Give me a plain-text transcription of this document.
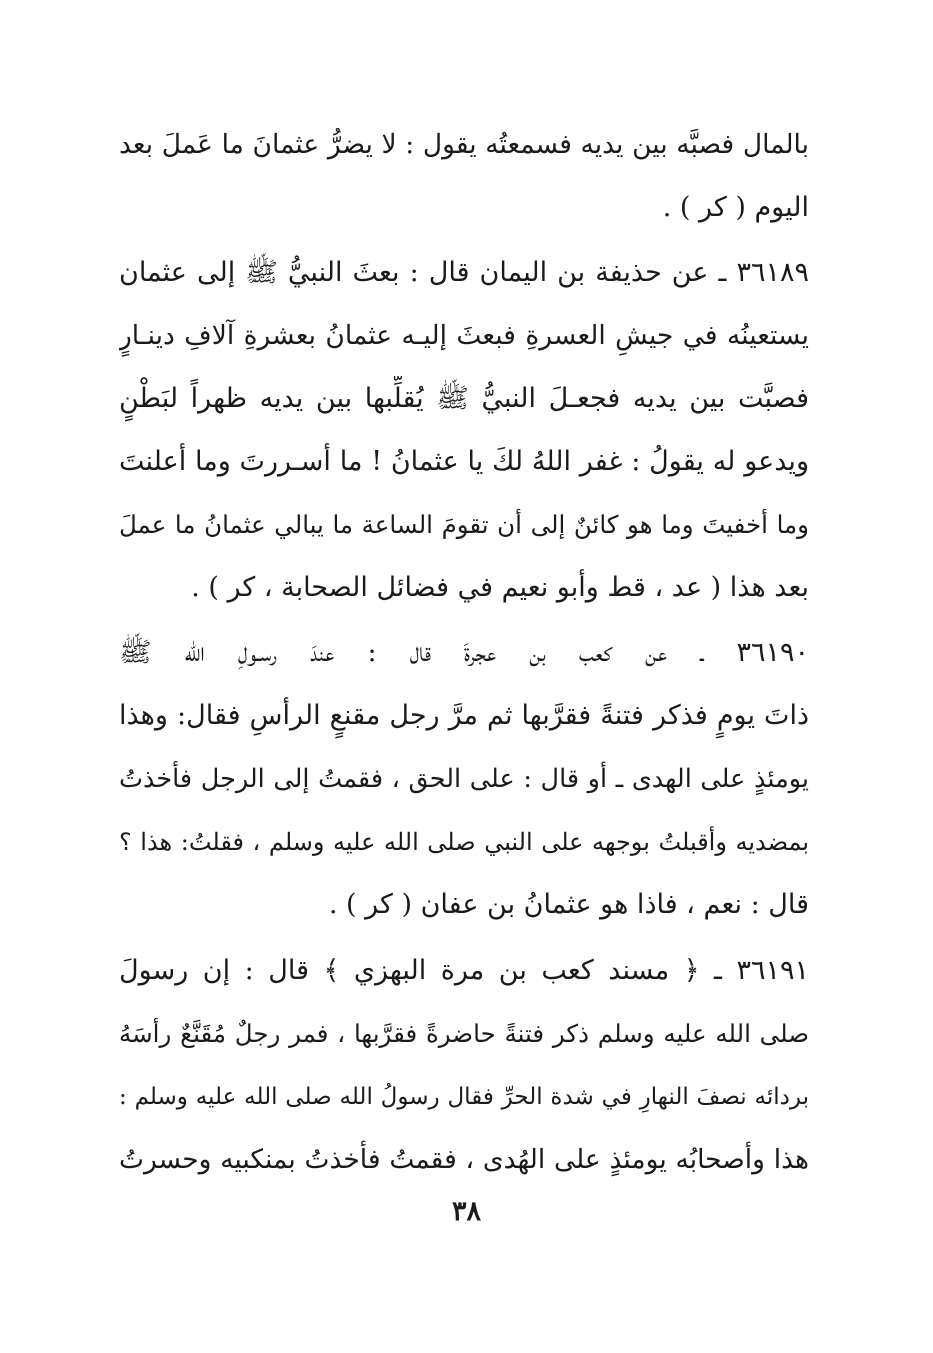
بالمال فصبَّه بين يديه فسمعتُه يقول : لا يضرُّ عثمانَ ما عَملَ بعد
اليوم ( كر ) .
٣٦١٨٩ ـ عن حذيفة بن اليمان قال : بعثَ النبيُّ ﷺ إلى عثمان
يستعينُه في جيشِ العسرةِ فبعثَ إليـه عثمانُ بعشرةِ آلافِ دينـارٍ
فصبَّت بين يديه فجعـلَ النبيُّ ﷺ يُقلِّبها بين يديه ظهراً لبَطْنٍ
ويدعو له يقولُ : غفر اللهُ لكَ يا عثمانُ ! ما أسـررتَ وما أعلنتَ
وما أخفيتَ وما هو كائنٌ إلى أن تقومَ الساعة ما يبالي عثمانُ ما عملَ
بعد هذا ( عد ، قط وأبو نعيم في فضائل الصحابة ، كر ) .
٣٦١٩٠ ـ عن كعب بن عجرةَ قال : عندَ رسـولِ الله ﷺ
ذاتَ يومٍ فذكر فتنةً فقرَّبها ثم مرَّ رجل مقنعٍ الرأسِ فقال: وهذا
يومئذٍ على الهدى ـ أو قال : على الحق ، فقمتُ إلى الرجل فأخذتُ
بمضديه وأقبلتُ بوجهه على النبي صلى الله عليه وسلم ، فقلتُ: هذا ؟
قال : نعم ، فاذا هو عثمانُ بن عفان ( كر ) .
٣٦١٩١ ـ ﴿ مسند كعب بن مرة البهزي ﴾ قال : إن رسولَ
صلى الله عليه وسلم ذكر فتنةً حاضرةً فقرَّبها ، فمر رجلٌ مُقَنَّعٌ رأسَهُ
بردائه نصفَ النهارِ في شدة الحرِّ فقال رسولُ الله صلى الله عليه وسلم :
هذا وأصحابُه يومئذٍ على الهُدى ، فقمتُ فأخذتُ بمنكبيه وحسرتُ
٣٨
